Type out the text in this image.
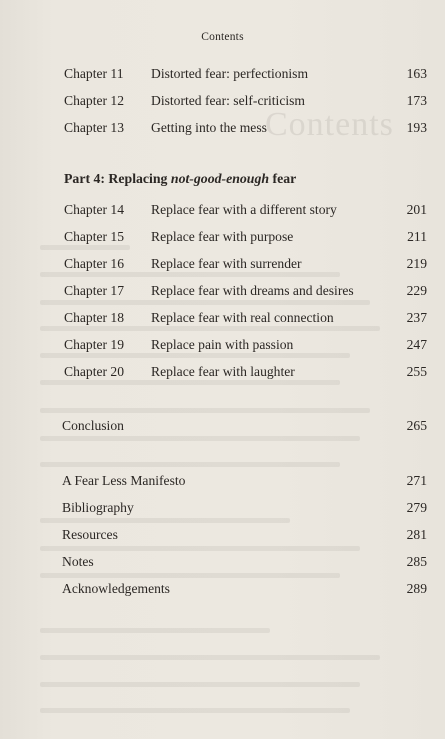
Contents
Contents
Chapter 11 Distorted fear: perfectionism	163
Chapter 12 Distorted fear: self-criticism	173
Chapter 13 Getting into the mess	193
Part 4: Replacing not-good-enough fear
Chapter 14 Replace fear with a different story	201
Chapter 15 Replace fear with purpose	211
Chapter 16 Replace fear with surrender	219
Chapter 17 Replace fear with dreams and desires	229
Chapter 18 Replace fear with real connection	237
Chapter 19 Replace pain with passion	247
Chapter 20 Replace fear with laughter	255
Conclusion	265
A Fear Less Manifesto	271
Bibliography	279
Resources	281
Notes	285
Acknowledgements	289
